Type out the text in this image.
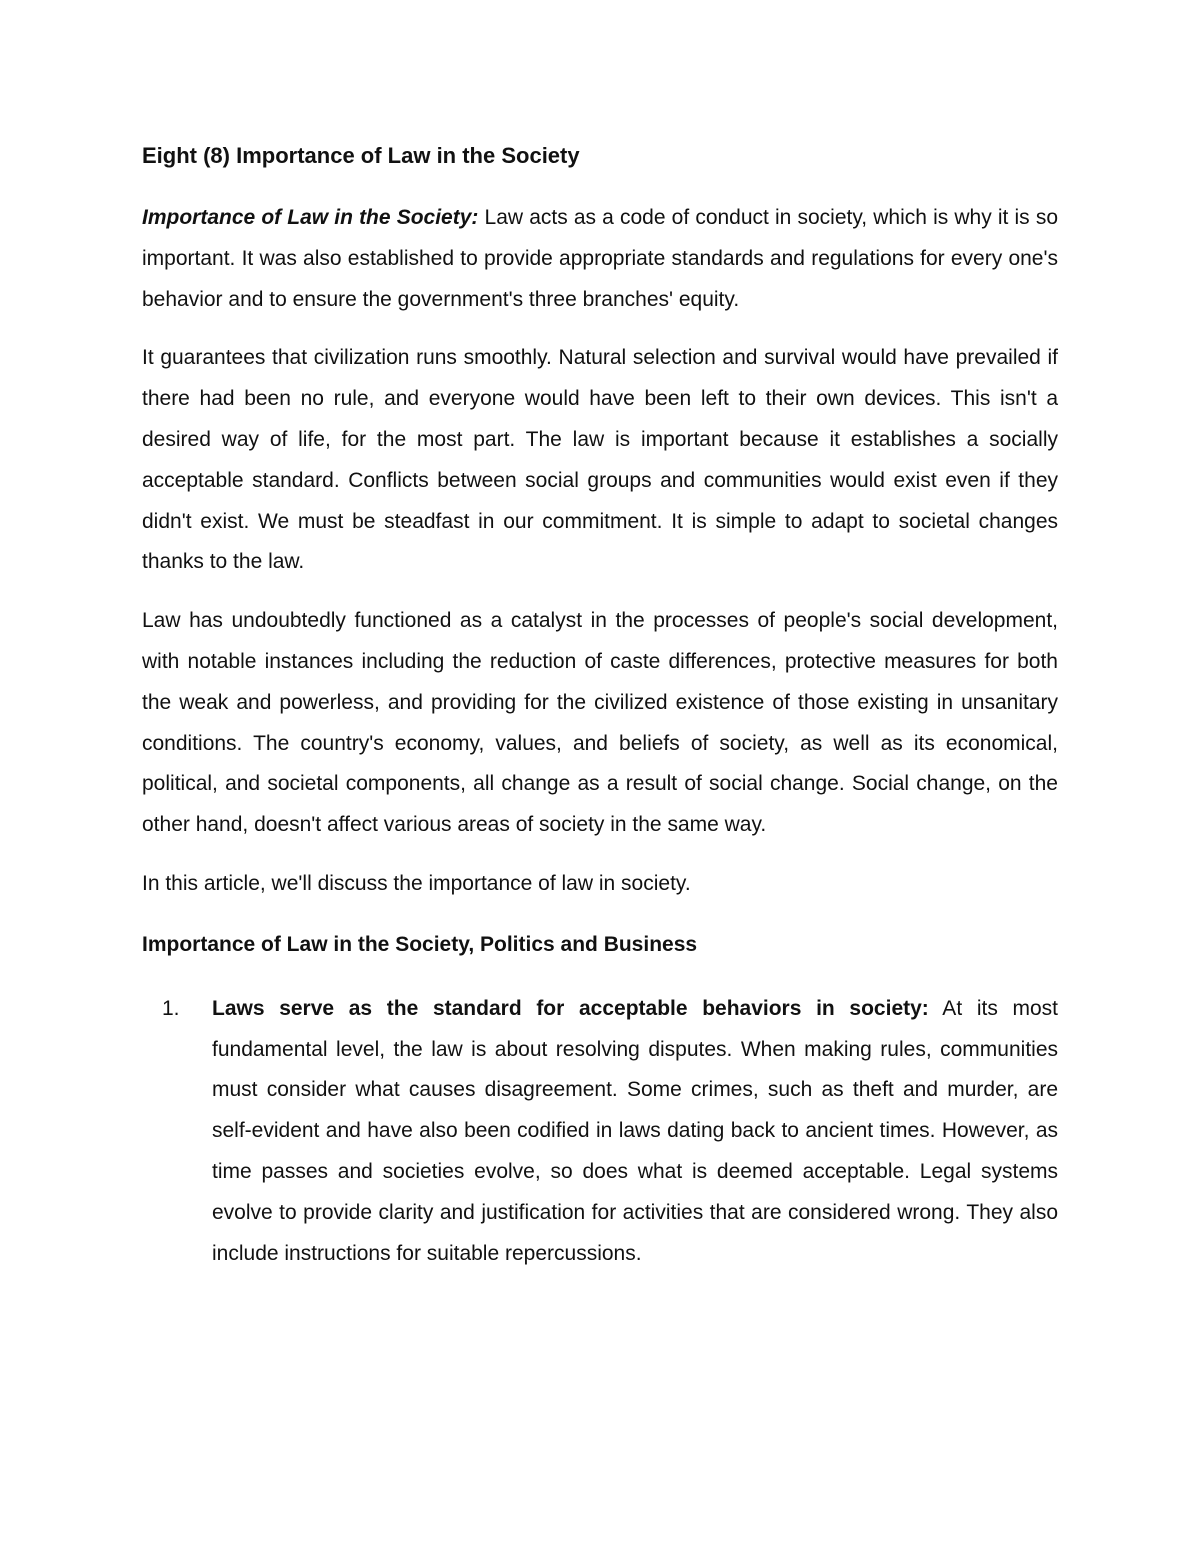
Eight (8) Importance of Law in the Society

Importance of Law in the Society: Law acts as a code of conduct in society, which is why it is so important. It was also established to provide appropriate standards and regulations for every one's behavior and to ensure the government's three branches' equity.

It guarantees that civilization runs smoothly. Natural selection and survival would have prevailed if there had been no rule, and everyone would have been left to their own devices. This isn't a desired way of life, for the most part. The law is important because it establishes a socially acceptable standard. Conflicts between social groups and communities would exist even if they didn't exist. We must be steadfast in our commitment. It is simple to adapt to societal changes thanks to the law.

Law has undoubtedly functioned as a catalyst in the processes of people's social development, with notable instances including the reduction of caste differences, protective measures for both the weak and powerless, and providing for the civilized existence of those existing in unsanitary conditions. The country's economy, values, and beliefs of society, as well as its economical, political, and societal components, all change as a result of social change. Social change, on the other hand, doesn't affect various areas of society in the same way.

In this article, we'll discuss the importance of law in society.

Importance of Law in the Society, Politics and Business
1. Laws serve as the standard for acceptable behaviors in society: At its most fundamental level, the law is about resolving disputes. When making rules, communities must consider what causes disagreement. Some crimes, such as theft and murder, are self-evident and have also been codified in laws dating back to ancient times. However, as time passes and societies evolve, so does what is deemed acceptable. Legal systems evolve to provide clarity and justification for activities that are considered wrong. They also include instructions for suitable repercussions.
